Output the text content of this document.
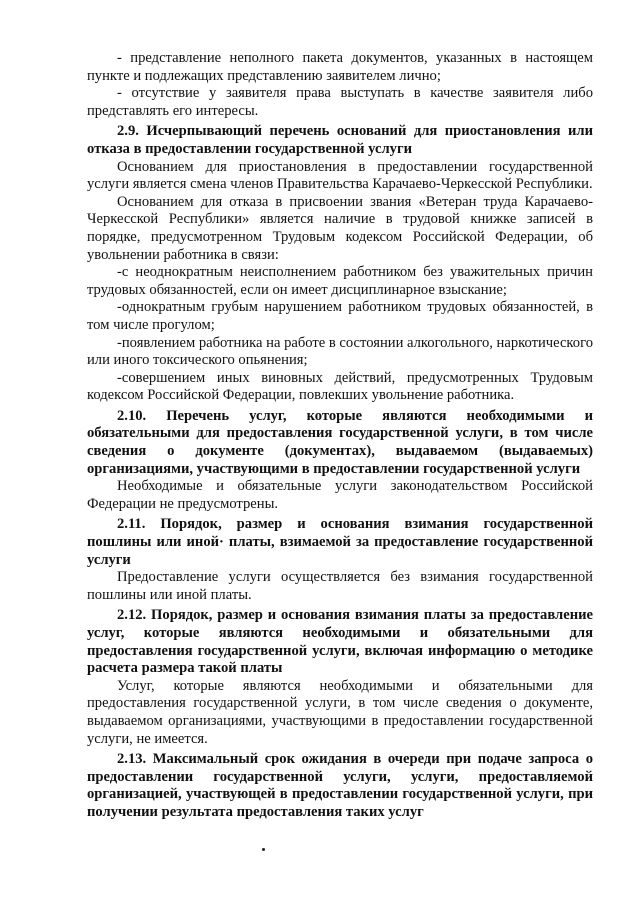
- представление неполного пакета документов, указанных в настоящем пункте и подлежащих представлению заявителем лично;

- отсутствие у заявителя права выступать в качестве заявителя либо представлять его интересы.

2.9. Исчерпывающий перечень оснований для приостановления или отказа в предоставлении государственной услуги

Основанием для приостановления в предоставлении государственной услуги является смена членов Правительства Карачаево-Черкесской Республики.

Основанием для отказа в присвоении звания «Ветеран труда Карачаево-Черкесской Республики» является наличие в трудовой книжке записей в порядке, предусмотренном Трудовым кодексом Российской Федерации, об увольнении работника в связи:

-с неоднократным неисполнением работником без уважительных причин трудовых обязанностей, если он имеет дисциплинарное взыскание;

-однократным грубым нарушением работником трудовых обязанностей, в том числе прогулом;

-появлением работника на работе в состоянии алкогольного, наркотического или иного токсического опьянения;

-совершением иных виновных действий, предусмотренных Трудовым кодексом Российской Федерации, повлекших увольнение работника.

2.10. Перечень услуг, которые являются необходимыми и обязательными для предоставления государственной услуги, в том числе сведения о документе (документах), выдаваемом (выдаваемых) организациями, участвующими в предоставлении государственной услуги

Необходимые и обязательные услуги законодательством Российской Федерации не предусмотрены.

2.11. Порядок, размер и основания взимания государственной пошлины или иной· платы, взимаемой за предоставление государственной услуги

Предоставление услуги осуществляется без взимания государственной пошлины или иной платы.

2.12. Порядок, размер и основания взимания платы за предоставление услуг, которые являются необходимыми и обязательными для предоставления государственной услуги, включая информацию о методике расчета размера такой платы

Услуг, которые являются необходимыми и обязательными для предоставления государственной услуги, в том числе сведения о документе, выдаваемом организациями, участвующими в предоставлении государственной услуги, не имеется.

2.13. Максимальный срок ожидания в очереди при подаче запроса о предоставлении государственной услуги, услуги, предоставляемой организацией, участвующей в предоставлении государственной услуги, при получении результата предоставления таких услуг
